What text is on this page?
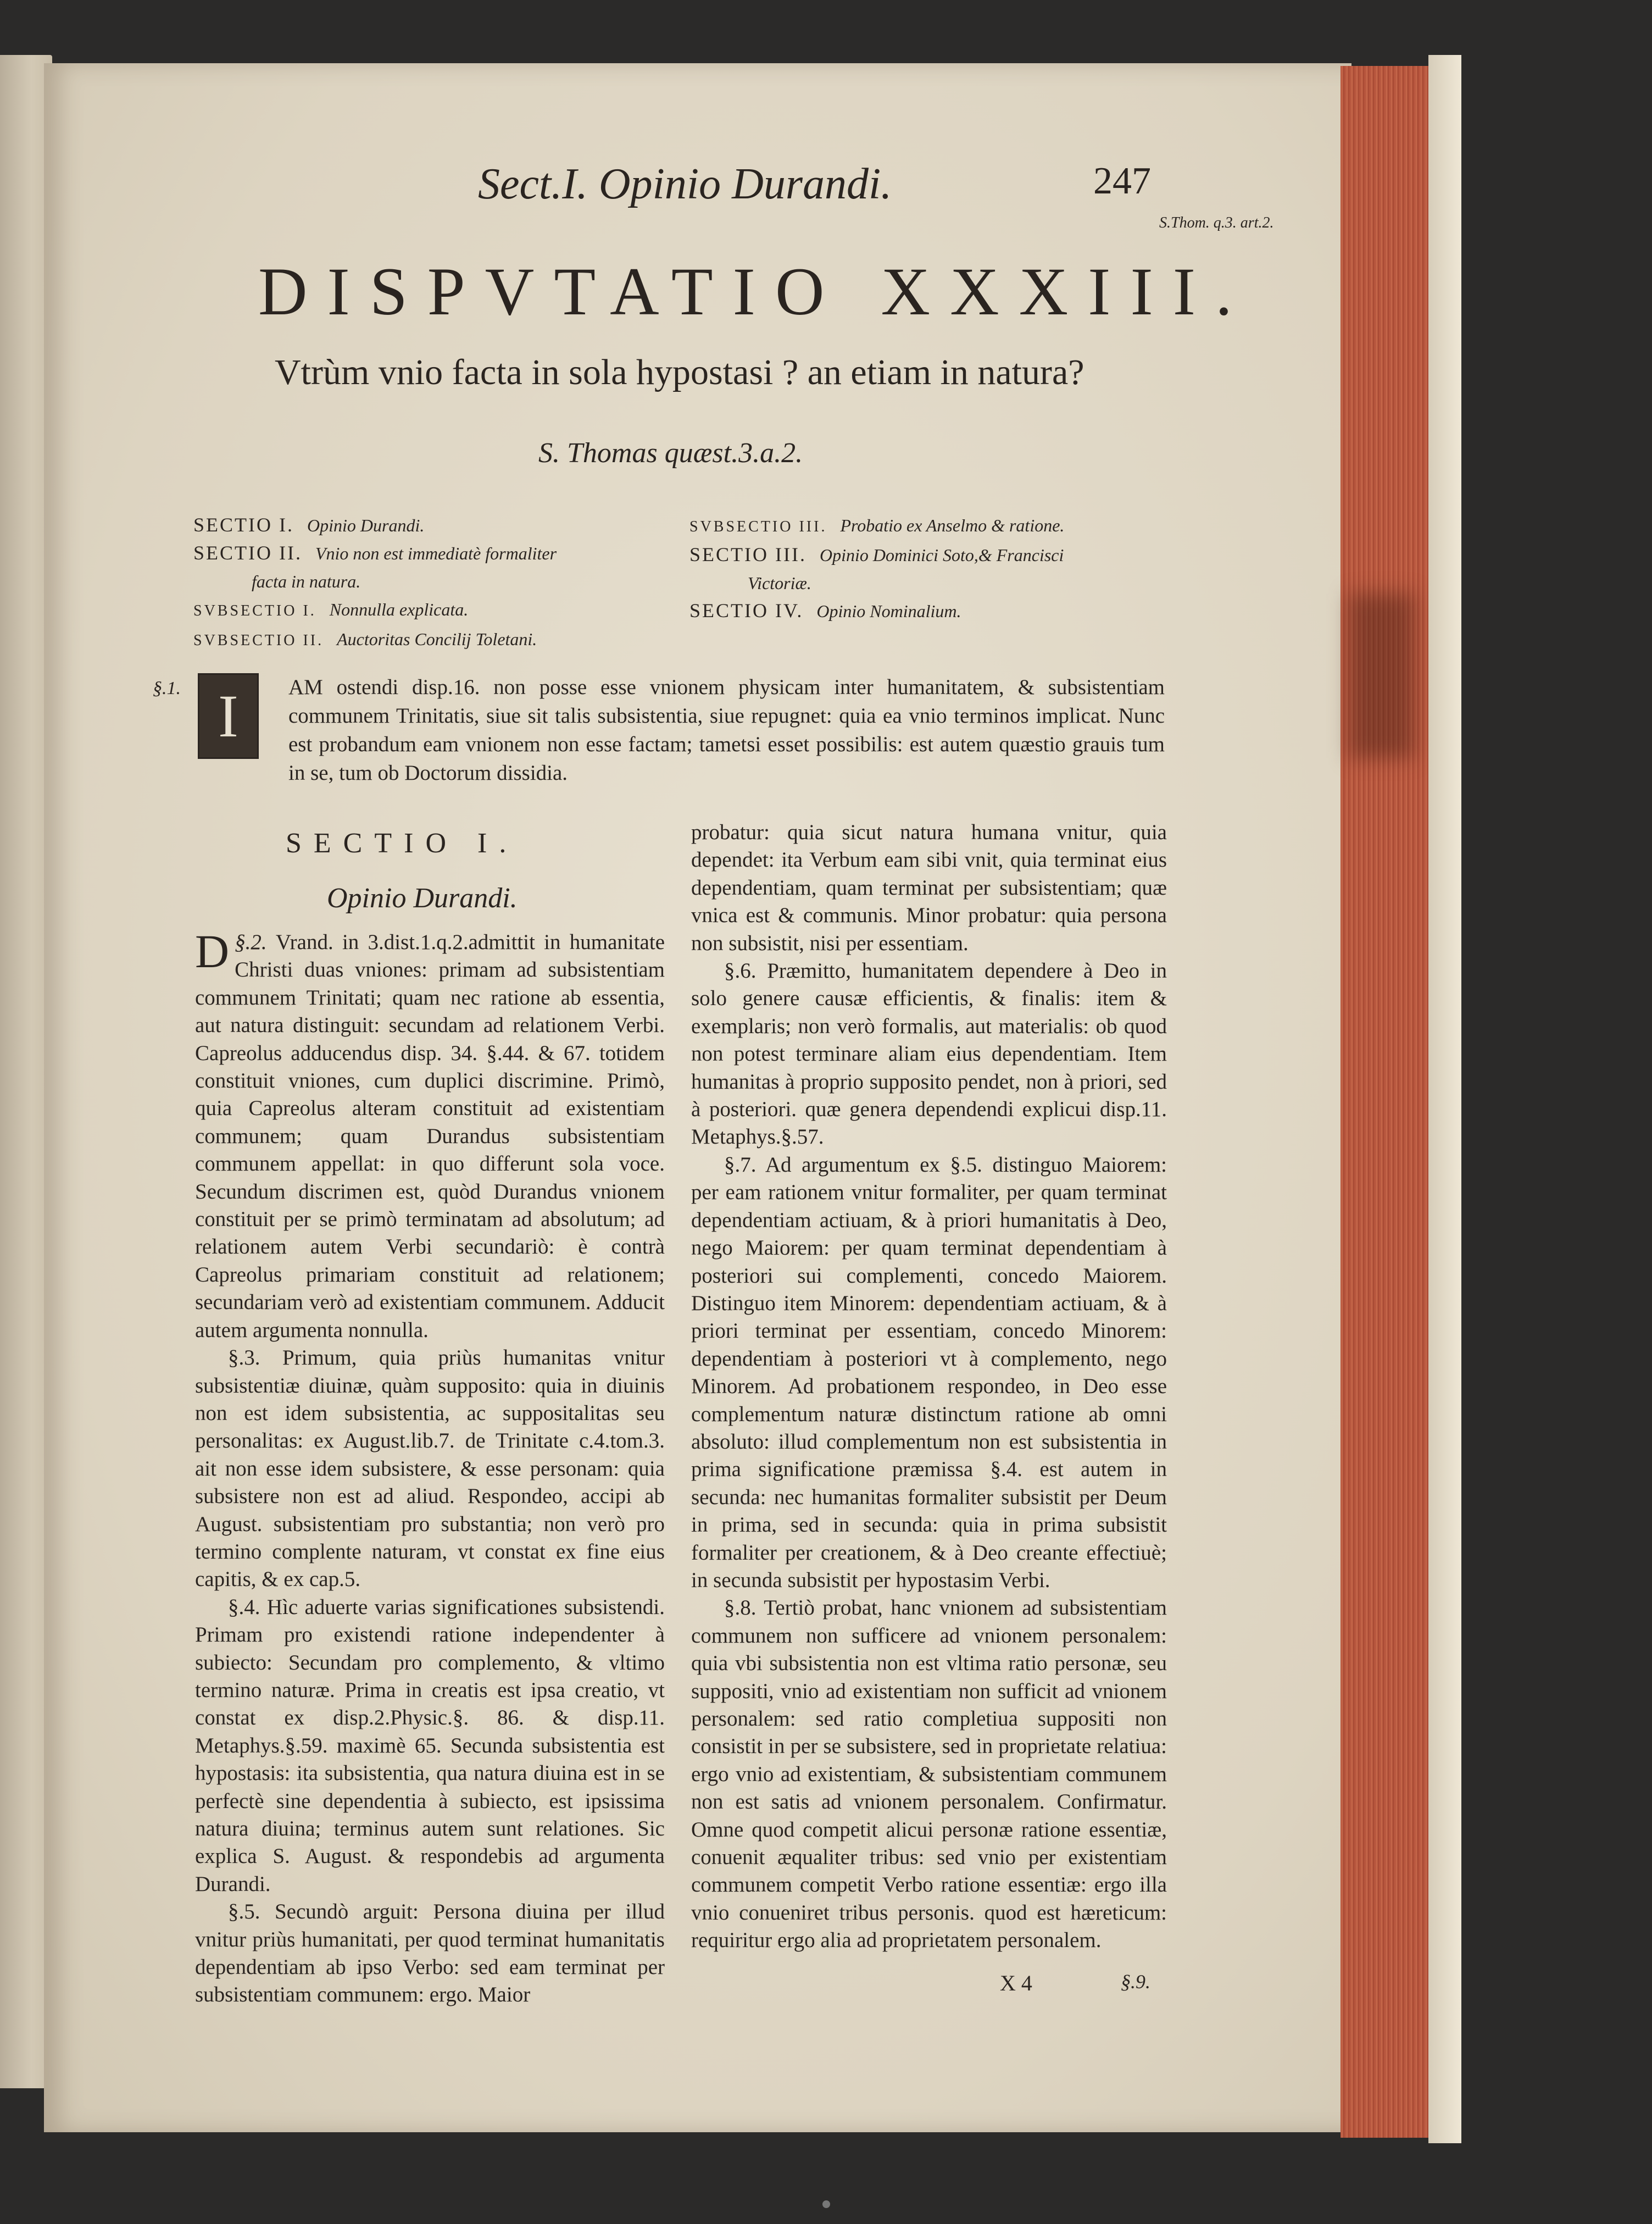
Sect.I. Opinio Durandi.	247
S.Thom. q.3. art.2.
DISPVTATIO XXXIII.
Vtrùm vnio facta in sola hypostasi ? an etiam in natura?
S. Thomas quæst.3.a.2.
SECTIO I. Opinio Durandi.
SECTIO II. Vnio non est immediatè formaliter
facta in natura.
SVBSECTIO I. Nonnulla explicata.
SVBSECTIO II. Auctoritas Concilij Toletani.
SVBSECTIO III. Probatio ex Anselmo & ratione.
SECTIO III. Opinio Dominici Soto,& Francisci
Victoriæ.
SECTIO IV. Opinio Nominalium.
§.1. I	AM ostendi disp.16. non posse esse vnionem physicam inter humanitatem, & subsistentiam communem Trinitatis, siue sit talis subsistentia, siue repugnet: quia ea vnio terminos implicat. Nunc est probandum eam vnionem non esse factam; tametsi esset possibilis: est autem quæstio grauis tum in se, tum ob Doctorum dissidia.
SECTIO I.
Opinio Durandi.

§.2.
D Vrand. in 3.dist.1.q.2.admittit in humanitate Christi duas vniones: primam ad subsistentiam communem Trinitati; quam nec ratione ab essentia, aut natura distinguit: secundam ad relationem Verbi. Capreolus adducendus disp. 34. §.44. & 67. totidem constituit vniones, cum duplici discrimine. Primò, quia Capreolus alteram constituit ad existentiam communem; quam Durandus subsistentiam communem appellat: in quo differunt sola voce. Secundum discrimen est, quòd Durandus vnionem constituit per se primò terminatam ad absolutum; ad relationem autem Verbi secundariò: è contrà Capreolus primariam constituit ad relationem; secundariam verò ad existentiam communem. Adducit autem argumenta nonnulla.

§.3. Primum, quia priùs humanitas vnitur subsistentiæ diuinæ, quàm supposito: quia in diuinis non est idem subsistentia, ac suppositalitas seu personalitas: ex August.lib.7. de Trinitate c.4.tom.3. ait non esse idem subsistere, & esse personam: quia subsistere non est ad aliud. Respondeo, accipi ab August. subsistentiam pro substantia; non verò pro termino complente naturam, vt constat ex fine eius capitis, & ex cap.5.

§.4. Hìc aduerte varias significationes subsistendi. Primam pro existendi ratione independenter à subiecto: Secundam pro complemento, & vltimo termino naturæ. Prima in creatis est ipsa creatio, vt constat ex disp.2.Physic.§. 86. & disp.11. Metaphys.§.59. maximè 65. Secunda subsistentia est hypostasis: ita subsistentia, qua natura diuina est in se perfectè sine dependentia à subiecto, est ipsissima natura diuina; terminus autem sunt relationes. Sic explica S. August. & respondebis ad argumenta Durandi.

§.5. Secundò arguit: Persona diuina per illud vnitur priùs humanitati, per quod terminat humanitatis dependentiam ab ipso Verbo: sed eam terminat per subsistentiam communem: ergo. Maior

probatur: quia sicut natura humana vnitur, quia dependet: ita Verbum eam sibi vnit, quia terminat eius dependentiam, quam terminat per subsistentiam; quæ vnica est & communis. Minor probatur: quia persona non subsistit, nisi per essentiam.

§.6. Præmitto, humanitatem dependere à Deo in solo genere causæ efficientis, & finalis: item & exemplaris; non verò formalis, aut materialis: ob quod non potest terminare aliam eius dependentiam. Item humanitas à proprio supposito pendet, non à priori, sed à posteriori. quæ genera dependendi explicui disp.11. Metaphys.§.57.

§.7. Ad argumentum ex §.5. distinguo Maiorem: per eam rationem vnitur formaliter, per quam terminat dependentiam actiuam, & à priori humanitatis à Deo, nego Maiorem: per quam terminat dependentiam à posteriori sui complementi, concedo Maiorem. Distinguo item Minorem: dependentiam actiuam, & à priori terminat per essentiam, concedo Minorem: dependentiam à posteriori vt à complemento, nego Minorem. Ad probationem respondeo, in Deo esse complementum naturæ distinctum ratione ab omni absoluto: illud complementum non est subsistentia in prima significatione præmissa §.4. est autem in secunda: nec humanitas formaliter subsistit per Deum in prima, sed in secunda: quia in prima subsistit formaliter per creationem, & à Deo creante effectiuè; in secunda subsistit per hypostasim Verbi.

§.8. Tertiò probat, hanc vnionem ad subsistentiam communem non sufficere ad vnionem personalem: quia vbi subsistentia non est vltima ratio personæ, seu suppositi, vnio ad existentiam non sufficit ad vnionem personalem: sed ratio completiua suppositi non consistit in per se subsistere, sed in proprietate relatiua: ergo vnio ad existentiam, & subsistentiam communem non est satis ad vnionem personalem. Confirmatur. Omne quod competit alicui personæ ratione essentiæ, conuenit æqualiter tribus: sed vnio per existentiam communem competit Verbo ratione essentiæ: ergo illa vnio conueniret tribus personis. quod est hæreticum: requiritur ergo alia ad proprietatem personalem.

X 4	§.9.
